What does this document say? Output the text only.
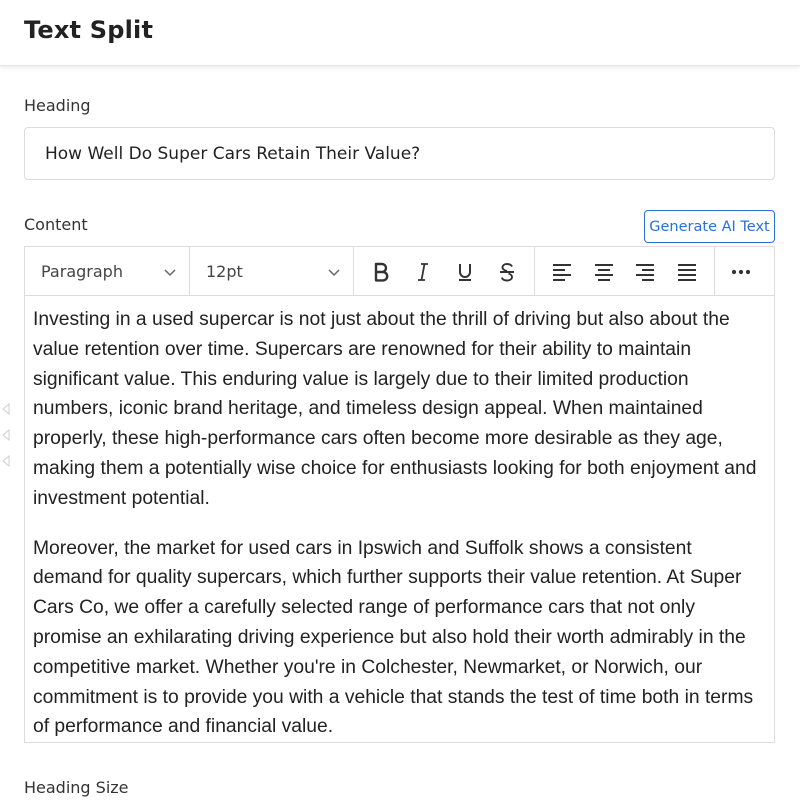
Text Split
Heading
How Well Do Super Cars Retain Their Value?
Content	Generate AI Text
Paragraph	12pt

Investing in a used supercar is not just about the thrill of driving but also about the value retention over time. Supercars are renowned for their ability to maintain significant value. This enduring value is largely due to their limited production numbers, iconic brand heritage, and timeless design appeal. When maintained properly, these high-performance cars often become more desirable as they age, making them a potentially wise choice for enthusiasts looking for both enjoyment and investment potential.

Moreover, the market for used cars in Ipswich and Suffolk shows a consistent demand for quality supercars, which further supports their value retention. At Super Cars Co, we offer a carefully selected range of performance cars that not only promise an exhilarating driving experience but also hold their worth admirably in the competitive market. Whether you're in Colchester, Newmarket, or Norwich, our commitment is to provide you with a vehicle that stands the test of time both in terms of performance and financial value.

Heading Size
